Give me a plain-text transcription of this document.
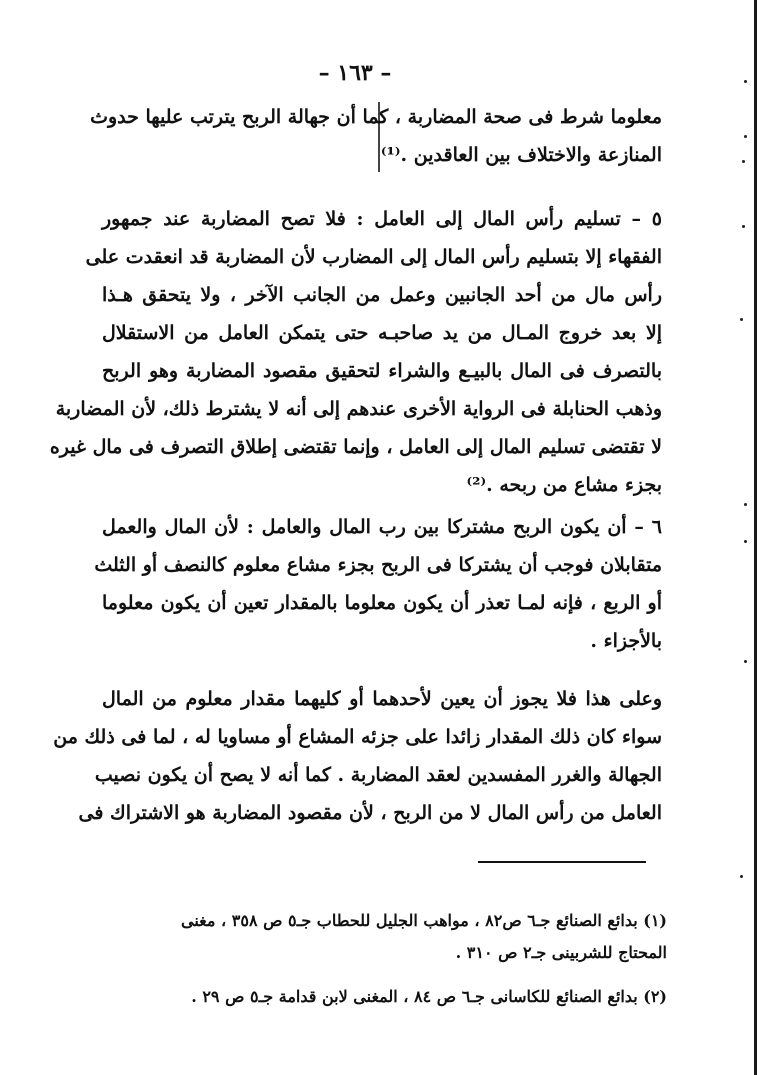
– ١٦٣ –
معلوما شرط فى صحة المضاربة ، كما أن جهالة الربح يترتب عليها حدوث
المنازعة والاختلاف بين العاقدين .⁽¹⁾
٥ – تسليم رأس المال إلى العامل : فلا تصح المضاربة عند جمهور
الفقهاء إلا بتسليم رأس المال إلى المضارب لأن المضاربة قد انعقدت على
رأس مال من أحد الجانبين وعمل من الجانب الآخر ، ولا يتحقق هـذا
إلا بعد خروج المـال من يد صاحبـه حتى يتمكن العامل من الاستقلال
بالتصرف فى المال بالبيـع والشراء لتحقيق مقصود المضاربة وهو الربح
وذهب الحنابلة فى الرواية الأخرى عندهم إلى أنه لا يشترط ذلك، لأن المضاربة
لا تقتضى تسليم المال إلى العامل ، وإنما تقتضى إطلاق التصرف فى مال غيره
بجزء مشاع من ربحه .⁽²⁾
٦ – أن يكون الربح مشتركا بين رب المال والعامل : لأن المال والعمل
متقابلان فوجب أن يشتركا فى الربح بجزء مشاع معلوم كالنصف أو الثلث
أو الربع ، فإنه لمـا تعذر أن يكون معلوما بالمقدار تعين أن يكون معلوما
بالأجزاء .
وعلى هذا فلا يجوز أن يعين لأحدهما أو كليهما مقدار معلوم من المال
سواء كان ذلك المقدار زائدا على جزئه المشاع أو مساويا له ، لما فى ذلك من
الجهالة والغرر المفسدين لعقد المضاربة . كما أنه لا يصح أن يكون نصيب
العامل من رأس المال لا من الربح ، لأن مقصود المضاربة هو الاشتراك فى
(١) بدائع الصنائع جـ٦ ص٨٢ ، مواهب الجليل للحطاب جـ٥ ص ٣٥٨ ، مغنى
المحتاج للشربينى جـ٢ ص ٣١٠ .
(٢) بدائع الصنائع للكاسانى جـ٦ ص ٨٤ ، المغنى لابن قدامة جـ٥ ص ٢٩ .
